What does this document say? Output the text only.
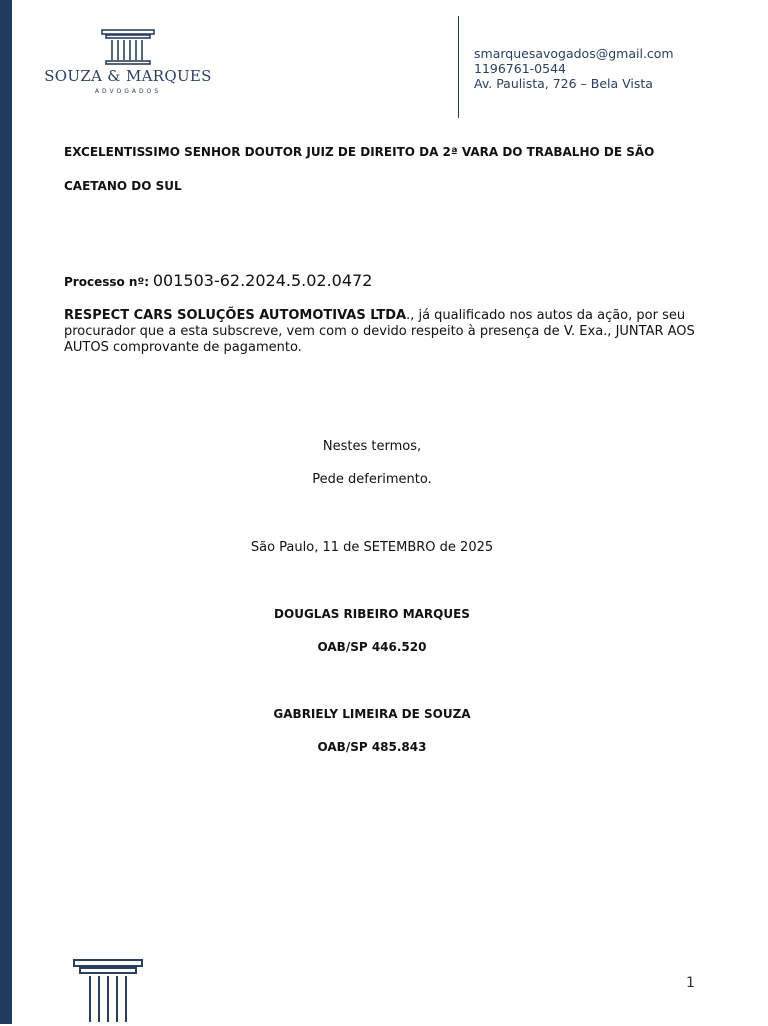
SOUZA & MARQUES
ADVOGADOS
smarquesavogados@gmail.com
1196761-0544
Av. Paulista, 726 – Bela Vista
EXCELENTISSIMO SENHOR DOUTOR JUIZ DE DIREITO DA 2ª VARA DO TRABALHO DE SÃO
CAETANO DO SUL
Processo nº: 001503-62.2024.5.02.0472
RESPECT CARS SOLUÇÕES AUTOMOTIVAS LTDA., já qualificado nos autos da ação, por seu procurador que a esta subscreve, vem com o devido respeito à presença de V. Exa., JUNTAR AOS AUTOS comprovante de pagamento.
Nestes termos,
Pede deferimento.
São Paulo, 11 de SETEMBRO de 2025
DOUGLAS RIBEIRO MARQUES
OAB/SP 446.520
GABRIELY LIMEIRA DE SOUZA
OAB/SP 485.843
1
